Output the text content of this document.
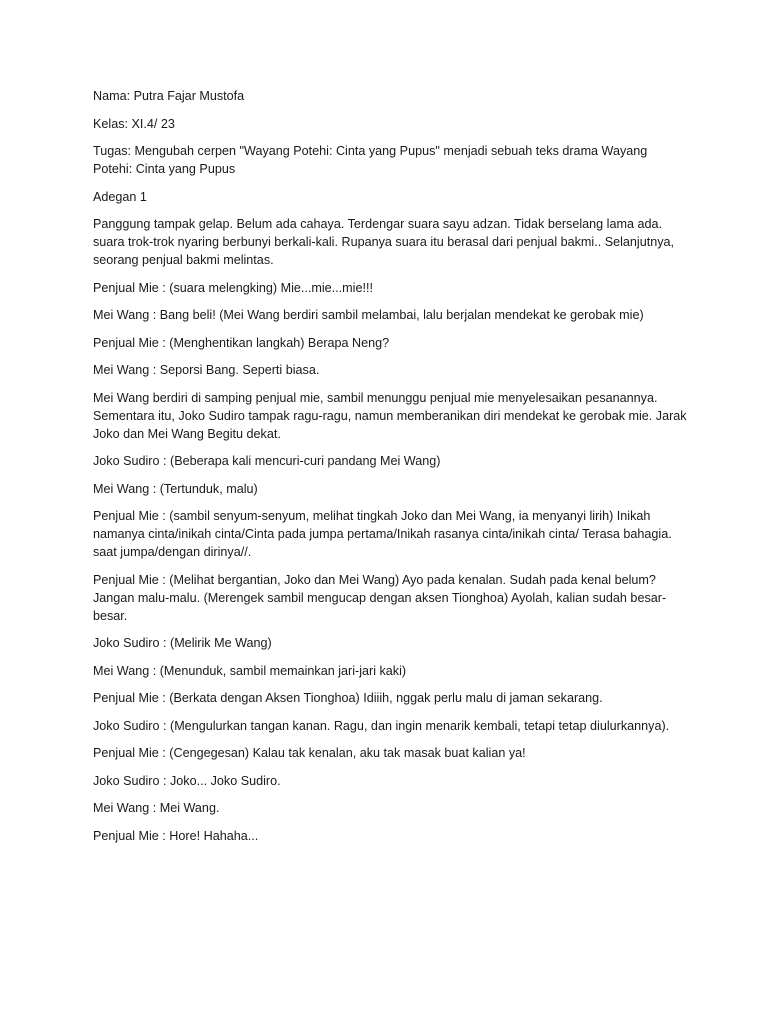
Nama: Putra Fajar Mustofa

Kelas: XI.4/ 23

Tugas: Mengubah cerpen "Wayang Potehi: Cinta yang Pupus" menjadi sebuah teks drama Wayang Potehi: Cinta yang Pupus

Adegan 1

Panggung tampak gelap. Belum ada cahaya. Terdengar suara sayu adzan. Tidak berselang lama ada. suara trok-trok nyaring berbunyi berkali-kali. Rupanya suara itu berasal dari penjual bakmi.. Selanjutnya, seorang penjual bakmi melintas.

Penjual Mie : (suara melengking) Mie...mie...mie!!!

Mei Wang : Bang beli! (Mei Wang berdiri sambil melambai, lalu berjalan mendekat ke gerobak mie)

Penjual Mie : (Menghentikan langkah) Berapa Neng?

Mei Wang : Seporsi Bang. Seperti biasa.

Mei Wang berdiri di samping penjual mie, sambil menunggu penjual mie menyelesaikan pesanannya. Sementara itu, Joko Sudiro tampak ragu-ragu, namun memberanikan diri mendekat ke gerobak mie. Jarak Joko dan Mei Wang Begitu dekat.

Joko Sudiro : (Beberapa kali mencuri-curi pandang Mei Wang)

Mei Wang : (Tertunduk, malu)

Penjual Mie : (sambil senyum-senyum, melihat tingkah Joko dan Mei Wang, ia menyanyi lirih) Inikah namanya cinta/inikah cinta/Cinta pada jumpa pertama/Inikah rasanya cinta/inikah cinta/ Terasa bahagia. saat jumpa/dengan dirinya//.

Penjual Mie : (Melihat bergantian, Joko dan Mei Wang) Ayo pada kenalan. Sudah pada kenal belum? Jangan malu-malu. (Merengek sambil mengucap dengan aksen Tionghoa) Ayolah, kalian sudah besar-besar.

Joko Sudiro : (Melirik Me Wang)

Mei Wang : (Menunduk, sambil memainkan jari-jari kaki)

Penjual Mie : (Berkata dengan Aksen Tionghoa) Idiiih, nggak perlu malu di jaman sekarang.

Joko Sudiro : (Mengulurkan tangan kanan. Ragu, dan ingin menarik kembali, tetapi tetap diulurkannya).

Penjual Mie : (Cengegesan) Kalau tak kenalan, aku tak masak buat kalian ya!

Joko Sudiro : Joko... Joko Sudiro.

Mei Wang : Mei Wang.

Penjual Mie : Hore! Hahaha...
